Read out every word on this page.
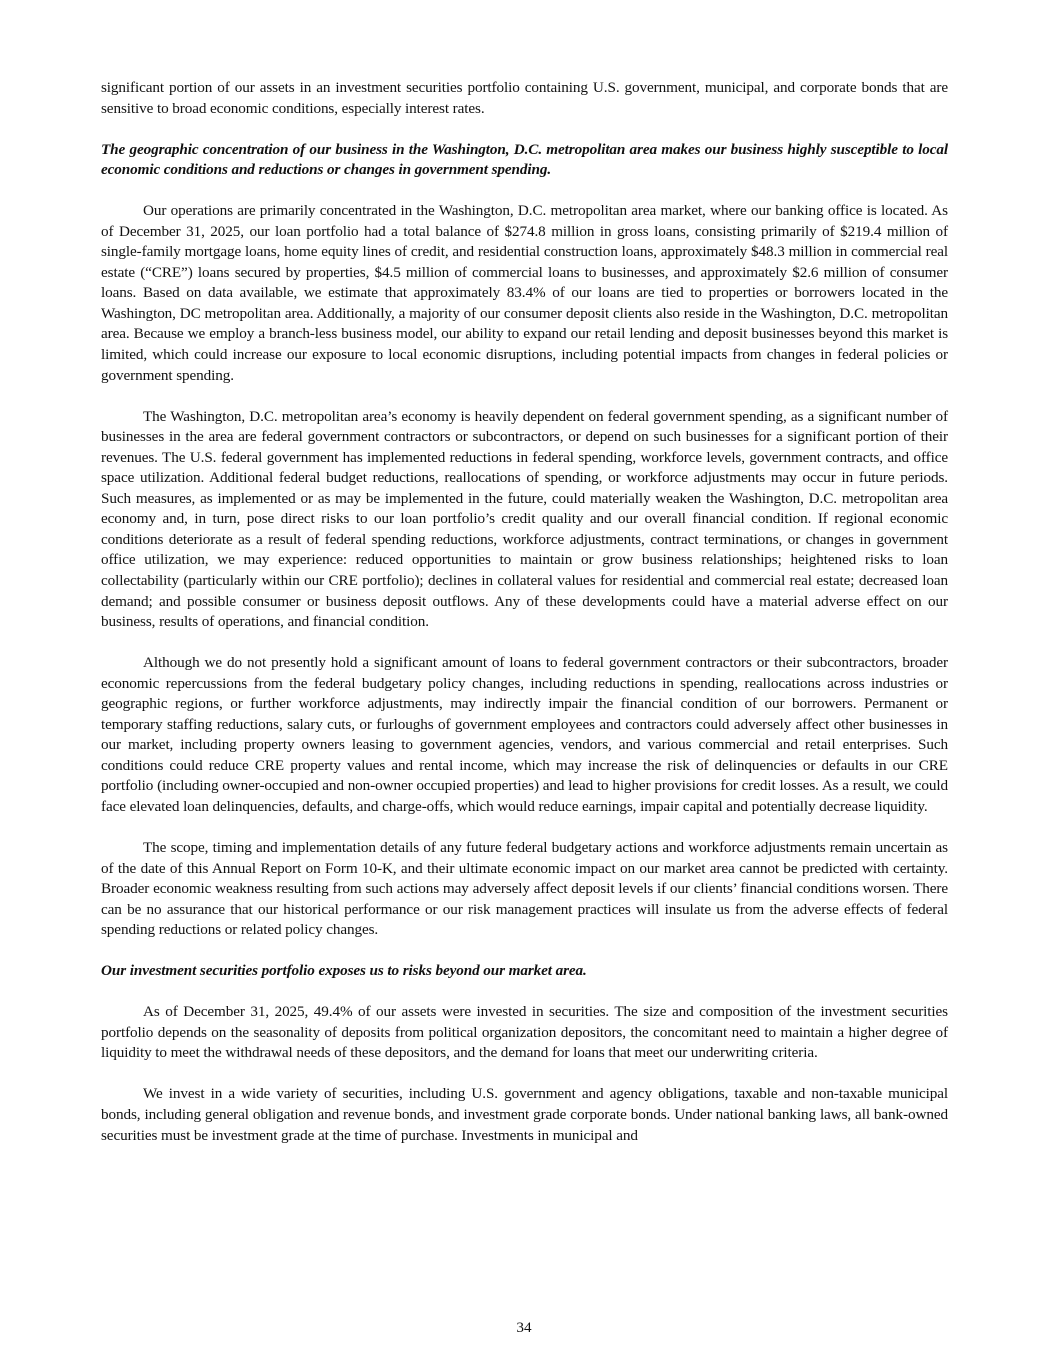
significant portion of our assets in an investment securities portfolio containing U.S. government, municipal, and corporate bonds that are sensitive to broad economic conditions, especially interest rates.

The geographic concentration of our business in the Washington, D.C. metropolitan area makes our business highly susceptible to local economic conditions and reductions or changes in government spending.

Our operations are primarily concentrated in the Washington, D.C. metropolitan area market, where our banking office is located. As of December 31, 2025, our loan portfolio had a total balance of $274.8 million in gross loans, consisting primarily of $219.4 million of single-family mortgage loans, home equity lines of credit, and residential construction loans, approximately $48.3 million in commercial real estate (“CRE”) loans secured by properties, $4.5 million of commercial loans to businesses, and approximately $2.6 million of consumer loans. Based on data available, we estimate that approximately 83.4% of our loans are tied to properties or borrowers located in the Washington, DC metropolitan area. Additionally, a majority of our consumer deposit clients also reside in the Washington, D.C. metropolitan area. Because we employ a branch-less business model, our ability to expand our retail lending and deposit businesses beyond this market is limited, which could increase our exposure to local economic disruptions, including potential impacts from changes in federal policies or government spending.

The Washington, D.C. metropolitan area’s economy is heavily dependent on federal government spending, as a significant number of businesses in the area are federal government contractors or subcontractors, or depend on such businesses for a significant portion of their revenues. The U.S. federal government has implemented reductions in federal spending, workforce levels, government contracts, and office space utilization. Additional federal budget reductions, reallocations of spending, or workforce adjustments may occur in future periods. Such measures, as implemented or as may be implemented in the future, could materially weaken the Washington, D.C. metropolitan area economy and, in turn, pose direct risks to our loan portfolio’s credit quality and our overall financial condition. If regional economic conditions deteriorate as a result of federal spending reductions, workforce adjustments, contract terminations, or changes in government office utilization, we may experience: reduced opportunities to maintain or grow business relationships; heightened risks to loan collectability (particularly within our CRE portfolio); declines in collateral values for residential and commercial real estate; decreased loan demand; and possible consumer or business deposit outflows. Any of these developments could have a material adverse effect on our business, results of operations, and financial condition.

Although we do not presently hold a significant amount of loans to federal government contractors or their subcontractors, broader economic repercussions from the federal budgetary policy changes, including reductions in spending, reallocations across industries or geographic regions, or further workforce adjustments, may indirectly impair the financial condition of our borrowers. Permanent or temporary staffing reductions, salary cuts, or furloughs of government employees and contractors could adversely affect other businesses in our market, including property owners leasing to government agencies, vendors, and various commercial and retail enterprises. Such conditions could reduce CRE property values and rental income, which may increase the risk of delinquencies or defaults in our CRE portfolio (including owner-occupied and non-owner occupied properties) and lead to higher provisions for credit losses. As a result, we could face elevated loan delinquencies, defaults, and charge-offs, which would reduce earnings, impair capital and potentially decrease liquidity.

The scope, timing and implementation details of any future federal budgetary actions and workforce adjustments remain uncertain as of the date of this Annual Report on Form 10-K, and their ultimate economic impact on our market area cannot be predicted with certainty. Broader economic weakness resulting from such actions may adversely affect deposit levels if our clients’ financial conditions worsen. There can be no assurance that our historical performance or our risk management practices will insulate us from the adverse effects of federal spending reductions or related policy changes.

Our investment securities portfolio exposes us to risks beyond our market area.

As of December 31, 2025, 49.4% of our assets were invested in securities. The size and composition of the investment securities portfolio depends on the seasonality of deposits from political organization depositors, the concomitant need to maintain a higher degree of liquidity to meet the withdrawal needs of these depositors, and the demand for loans that meet our underwriting criteria.

We invest in a wide variety of securities, including U.S. government and agency obligations, taxable and non-taxable municipal bonds, including general obligation and revenue bonds, and investment grade corporate bonds. Under national banking laws, all bank-owned securities must be investment grade at the time of purchase. Investments in municipal and

34
